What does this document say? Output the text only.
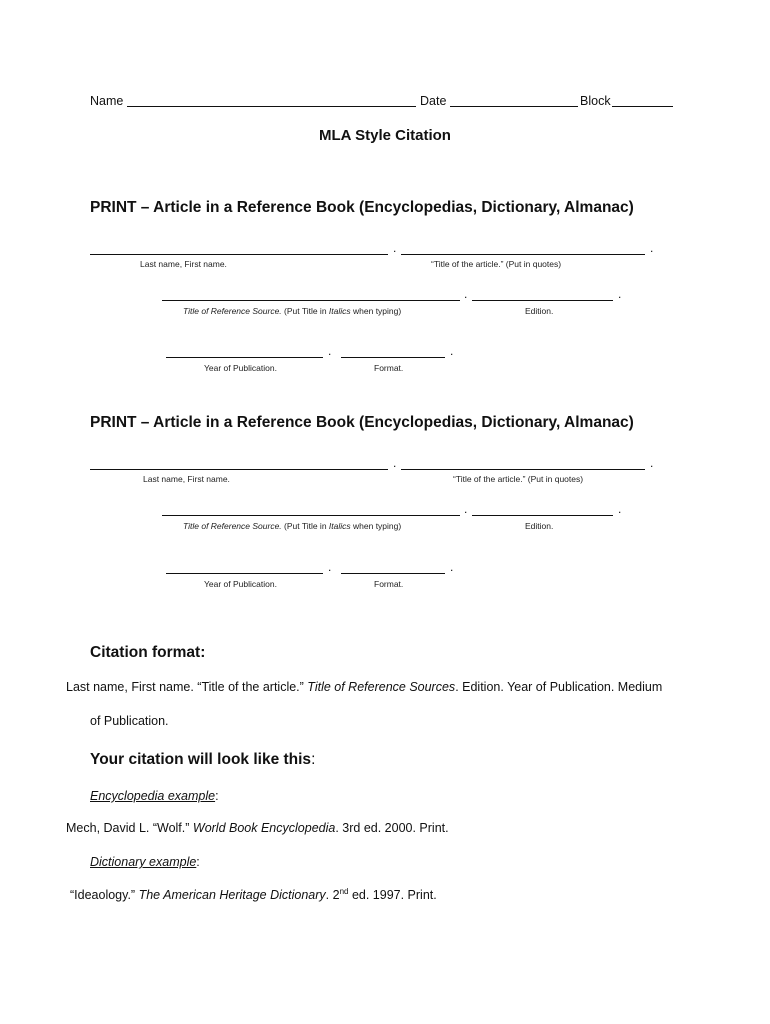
Name	Date	Block
MLA Style Citation
PRINT – Article in a Reference Book (Encyclopedias, Dictionary, Almanac)
.	.
Last name, First name.	“Title of the article.” (Put in quotes)
.	.
Title of Reference Source. (Put Title in Italics when typing)	Edition.
.	.
Year of Publication.	Format.
PRINT – Article in a Reference Book (Encyclopedias, Dictionary, Almanac)
.	.
Last name, First name.	“Title of the article.” (Put in quotes)
.	.
Title of Reference Source. (Put Title in Italics when typing)	Edition.
.	.
Year of Publication.	Format.
Citation format:
Last name, First name. “Title of the article.” Title of Reference Sources. Edition. Year of Publication. Medium
of Publication.
Your citation will look like this:
Encyclopedia example:
Mech, David L. “Wolf.” World Book Encyclopedia. 3rd ed. 2000. Print.
Dictionary example:
“Ideaology.” The American Heritage Dictionary. 2nd ed. 1997. Print.
